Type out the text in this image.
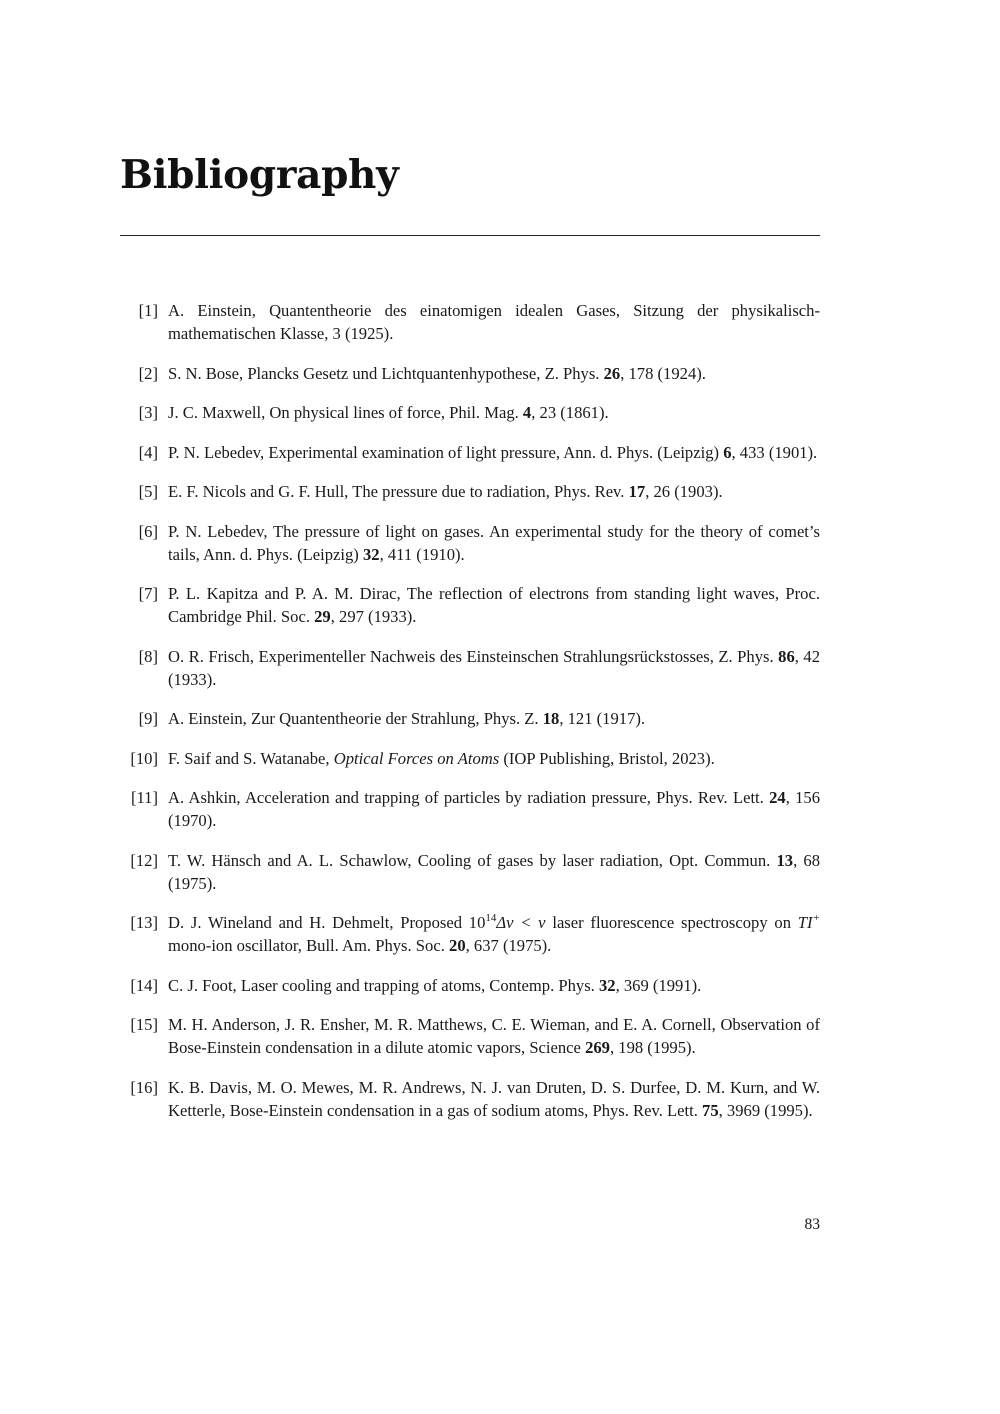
Bibliography
[1] A. Einstein, Quantentheorie des einatomigen idealen Gases, Sitzung der physikalisch-mathematischen Klasse, 3 (1925).
[2] S. N. Bose, Plancks Gesetz und Lichtquantenhypothese, Z. Phys. 26, 178 (1924).
[3] J. C. Maxwell, On physical lines of force, Phil. Mag. 4, 23 (1861).
[4] P. N. Lebedev, Experimental examination of light pressure, Ann. d. Phys. (Leipzig) 6, 433 (1901).
[5] E. F. Nicols and G. F. Hull, The pressure due to radiation, Phys. Rev. 17, 26 (1903).
[6] P. N. Lebedev, The pressure of light on gases. An experimental study for the theory of comet’s tails, Ann. d. Phys. (Leipzig) 32, 411 (1910).
[7] P. L. Kapitza and P. A. M. Dirac, The reflection of electrons from standing light waves, Proc. Cambridge Phil. Soc. 29, 297 (1933).
[8] O. R. Frisch, Experimenteller Nachweis des Einsteinschen Strahlungsrückstosses, Z. Phys. 86, 42 (1933).
[9] A. Einstein, Zur Quantentheorie der Strahlung, Phys. Z. 18, 121 (1917).
[10] F. Saif and S. Watanabe, Optical Forces on Atoms (IOP Publishing, Bristol, 2023).
[11] A. Ashkin, Acceleration and trapping of particles by radiation pressure, Phys. Rev. Lett. 24, 156 (1970).
[12] T. W. Hänsch and A. L. Schawlow, Cooling of gases by laser radiation, Opt. Commun. 13, 68 (1975).
[13] D. J. Wineland and H. Dehmelt, Proposed $10^{14}\Delta\nu < \nu$ laser fluorescence spectroscopy on TI+ mono-ion oscillator, Bull. Am. Phys. Soc. 20, 637 (1975).
[14] C. J. Foot, Laser cooling and trapping of atoms, Contemp. Phys. 32, 369 (1991).
[15] M. H. Anderson, J. R. Ensher, M. R. Matthews, C. E. Wieman, and E. A. Cornell, Observation of Bose-Einstein condensation in a dilute atomic vapors, Science 269, 198 (1995).
[16] K. B. Davis, M. O. Mewes, M. R. Andrews, N. J. van Druten, D. S. Durfee, D. M. Kurn, and W. Ketterle, Bose-Einstein condensation in a gas of sodium atoms, Phys. Rev. Lett. 75, 3969 (1995).
83
